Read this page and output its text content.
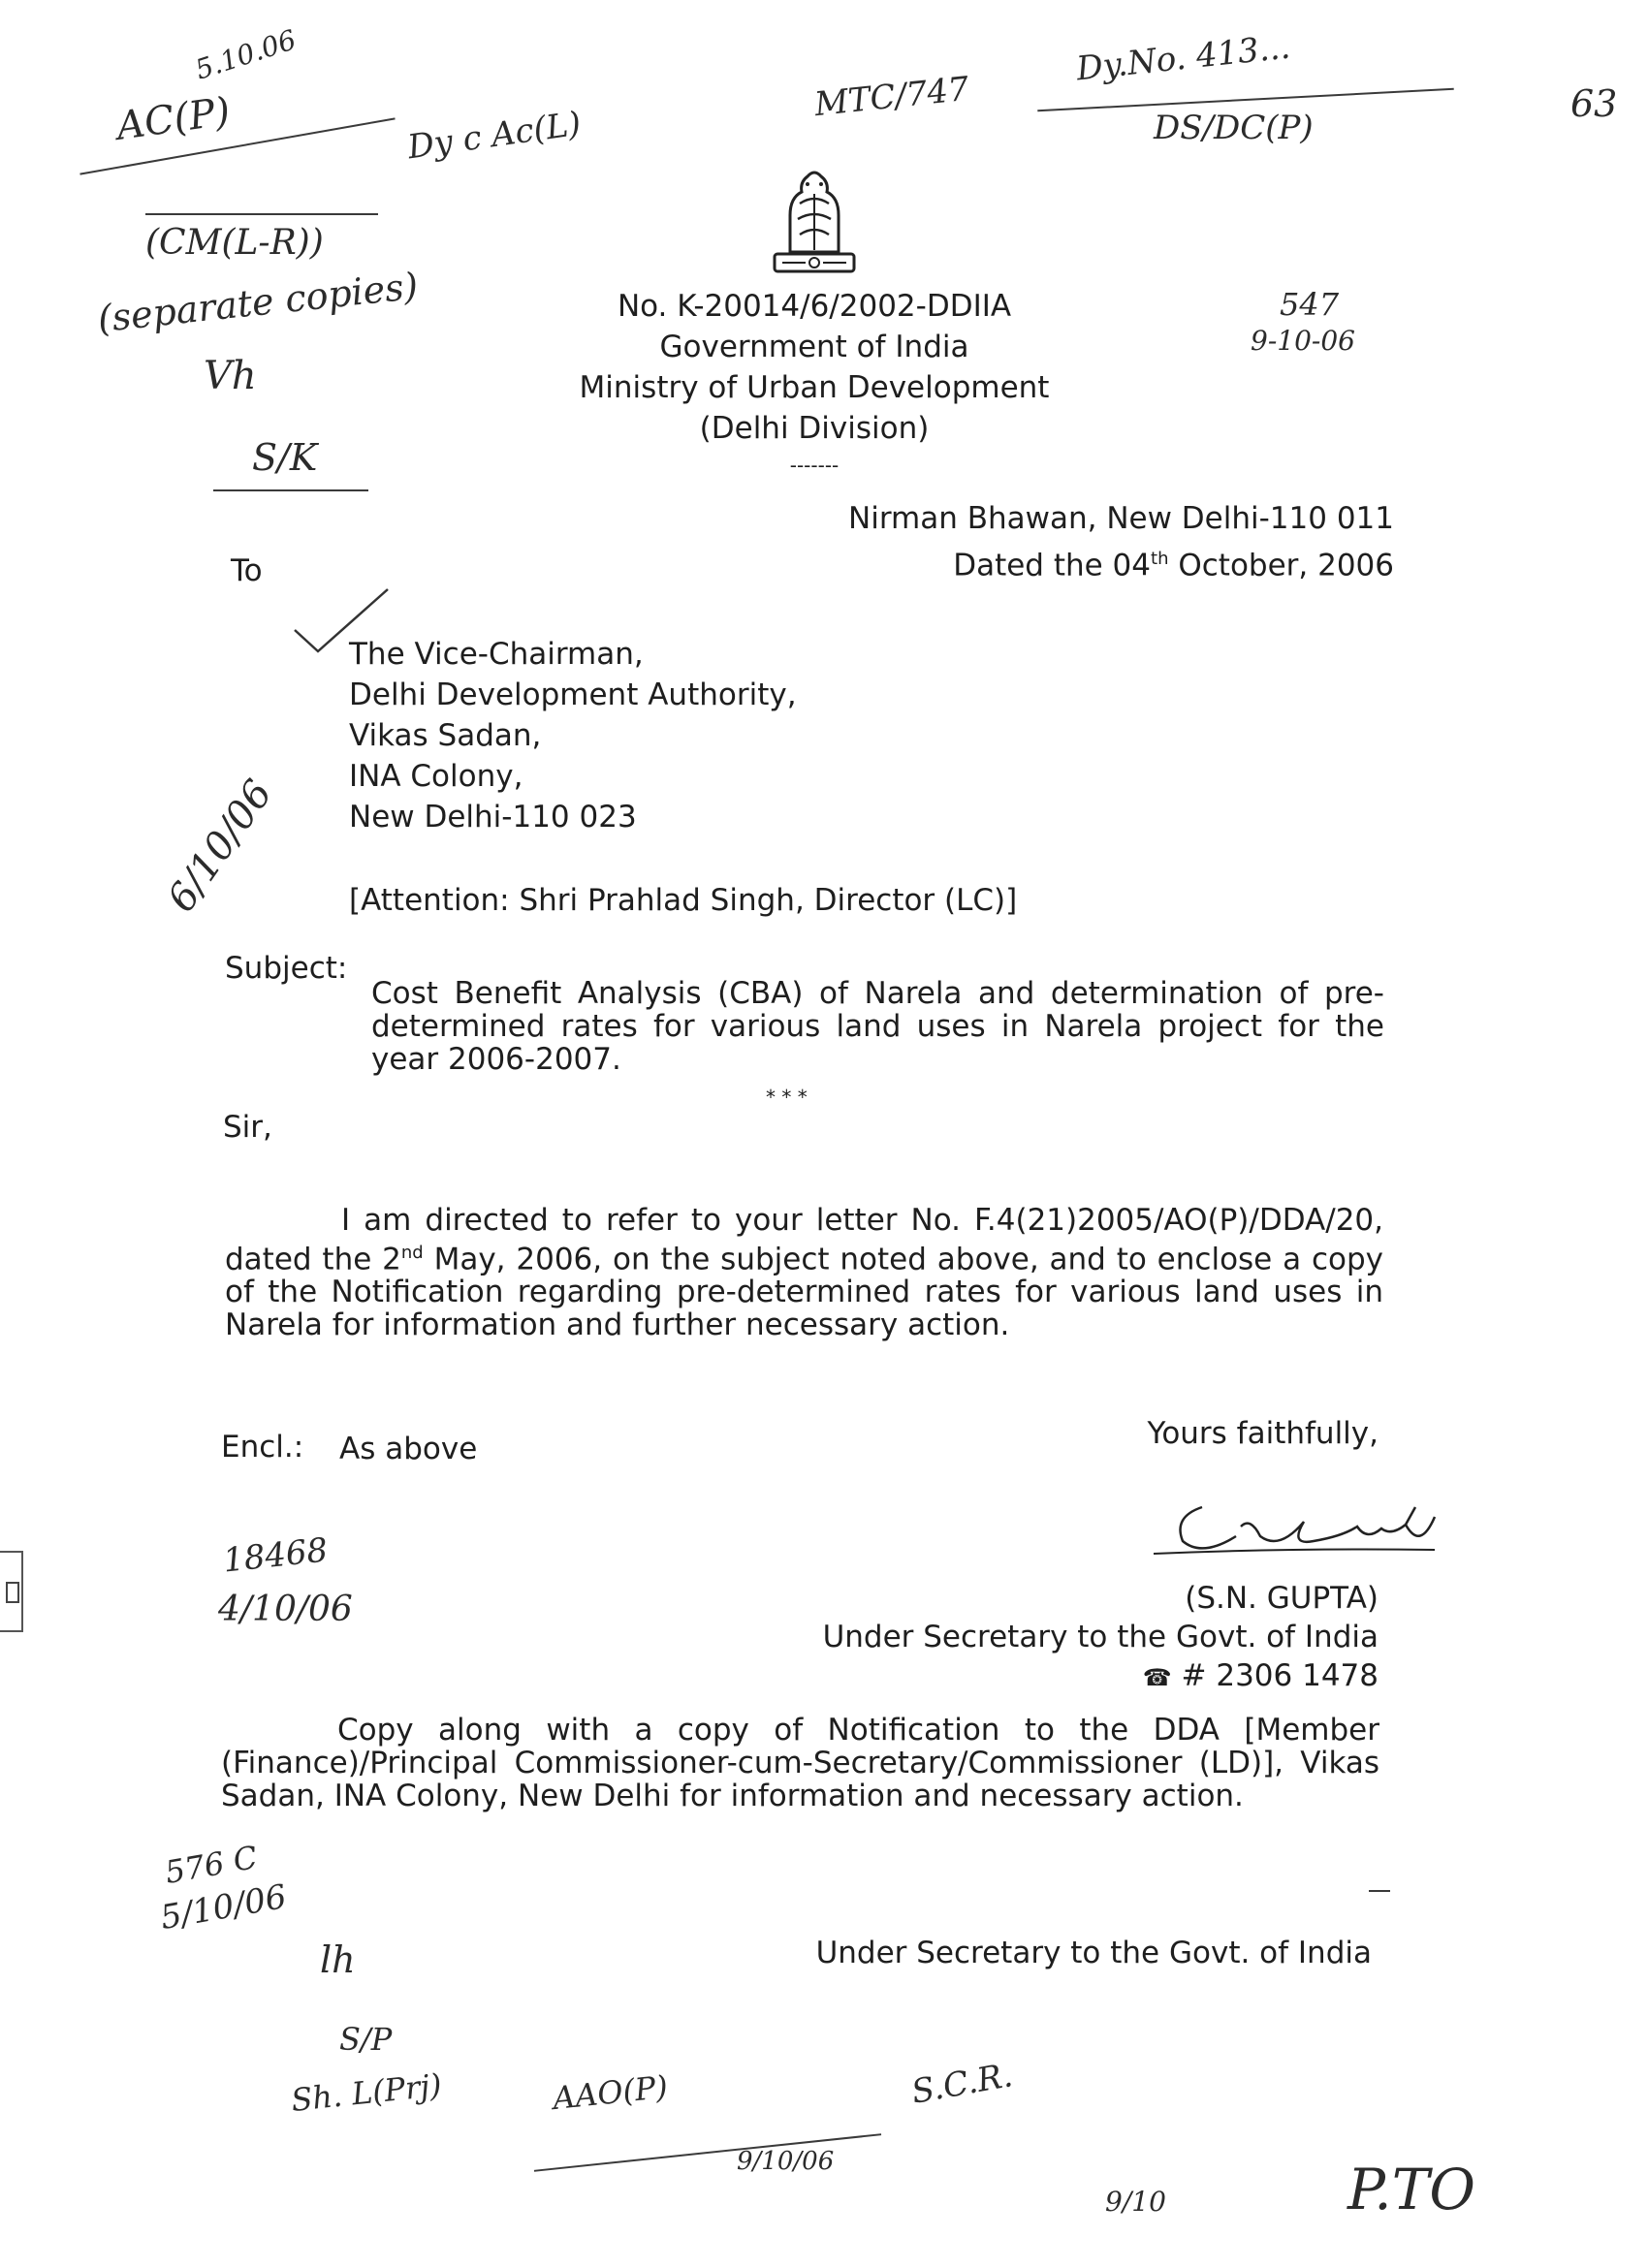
5.10.06
AC(P)	Dy c Ac(L)
(CM(L-R))
(separate copies)
Vh
S/K
MTC/747
Dy.No. 413...
DS/DC(P)
63
547
9-10-06
No. K-20014/6/2002-DDIIA
Government of India
Ministry of Urban Development
(Delhi Division)
-------
Nirman Bhawan, New Delhi-110 011
Dated the 04th October, 2006
To
The Vice-Chairman,
Delhi Development Authority,
Vikas Sadan,
INA Colony,
New Delhi-110 023
6/10/06 [Attention: Shri Prahlad Singh, Director (LC)]
Subject:
Cost Benefit Analysis (CBA) of Narela and determination of pre-determined rates for various land uses in Narela project for the year 2006-2007.
* * *
Sir,
I am directed to refer to your letter No. F.4(21)2005/AO(P)/DDA/20, dated the 2nd May, 2006, on the subject noted above, and to enclose a copy of the Notification regarding pre-determined rates for various land uses in Narela for information and further necessary action.
Encl.: As above	Yours faithfully,
18468
4/10/06	(S.N. GUPTA)
Under Secretary to the Govt. of India
☎ # 2306 1478
Copy along with a copy of Notification to the DDA [Member (Finance)/Principal Commissioner-cum-Secretary/Commissioner (LD)], Vikas Sadan, INA Colony, New Delhi for information and necessary action.
576 C
5/10/06
Under Secretary to the Govt. of India
lh
S/P
Sh. L(Prj)	AAO(P)
9/10/06
S.C.R.
9/10	P.TO
